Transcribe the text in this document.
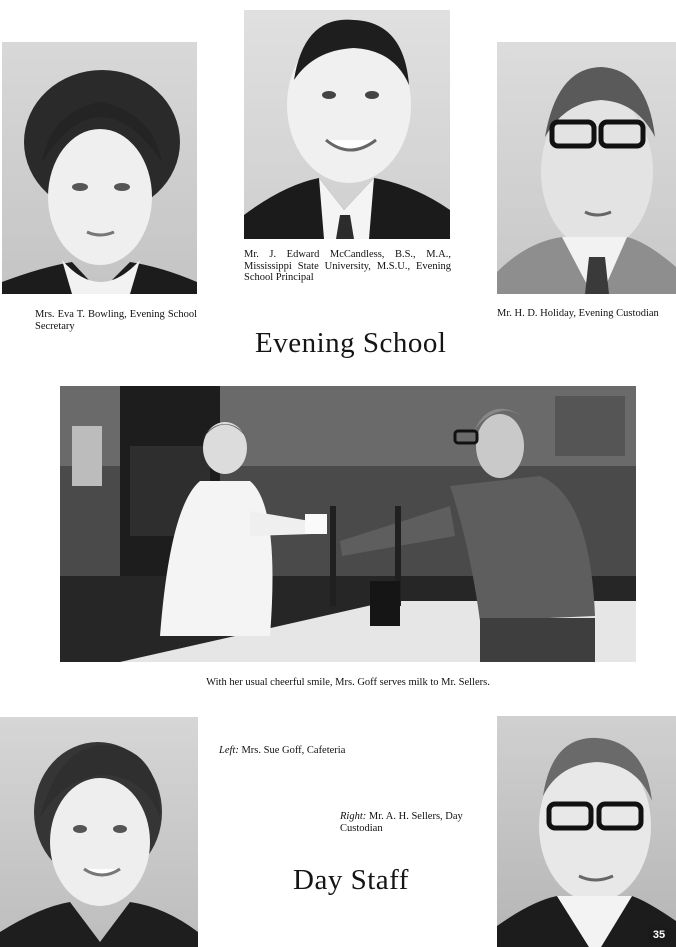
Mrs. Eva T. Bowling, Evening School Secretary
Mr. J. Edward McCandless, B.S., M.A., Mississippi State University, M.S.U., Evening School Principal
Mr. H. D. Holiday, Evening Custodian
Evening School
With her usual cheerful smile, Mrs. Goff serves milk to Mr. Sellers.
Left: Mrs. Sue Goff, Cafeteria
Right: Mr. A. H. Sellers, Day Custodian
Day Staff
35
